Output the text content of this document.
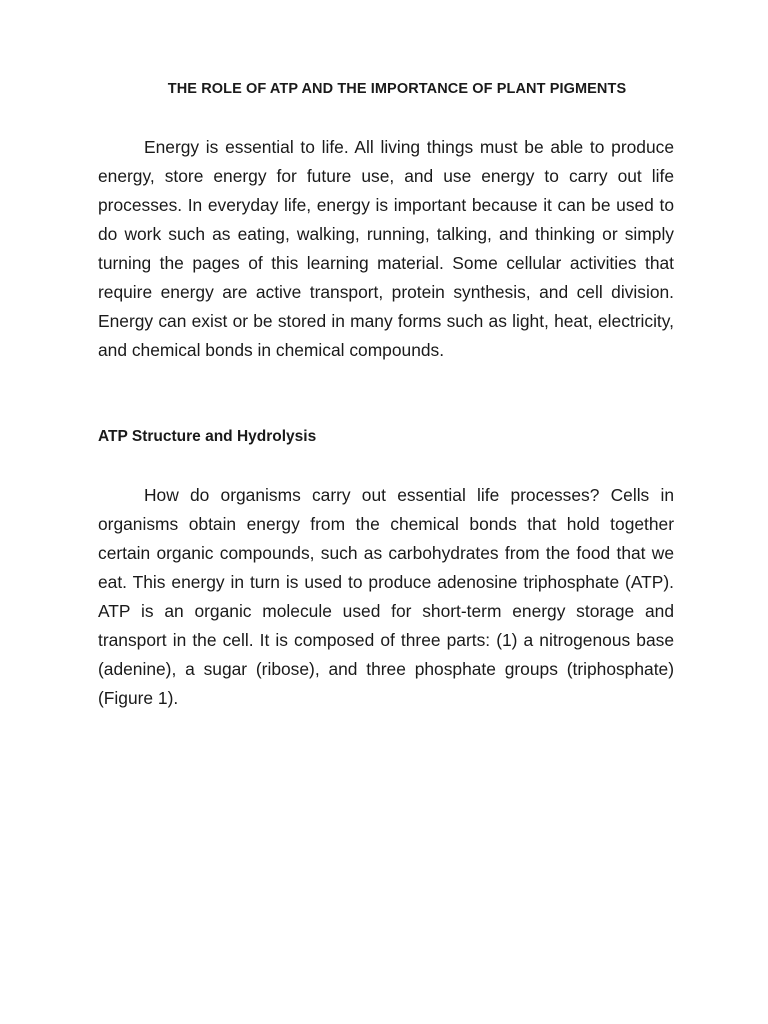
THE ROLE OF ATP AND THE IMPORTANCE OF PLANT PIGMENTS

Energy is essential to life. All living things must be able to produce energy, store energy for future use, and use energy to carry out life processes. In everyday life, energy is important because it can be used to do work such as eating, walking, running, talking, and thinking or simply turning the pages of this learning material. Some cellular activities that require energy are active transport, protein synthesis, and cell division. Energy can exist or be stored in many forms such as light, heat, electricity, and chemical bonds in chemical compounds.

ATP Structure and Hydrolysis

How do organisms carry out essential life processes? Cells in organisms obtain energy from the chemical bonds that hold together certain organic compounds, such as carbohydrates from the food that we eat. This energy in turn is used to produce adenosine triphosphate (ATP). ATP is an organic molecule used for short-term energy storage and transport in the cell. It is composed of three parts: (1) a nitrogenous base (adenine), a sugar (ribose), and three phosphate groups (triphosphate) (Figure 1).
